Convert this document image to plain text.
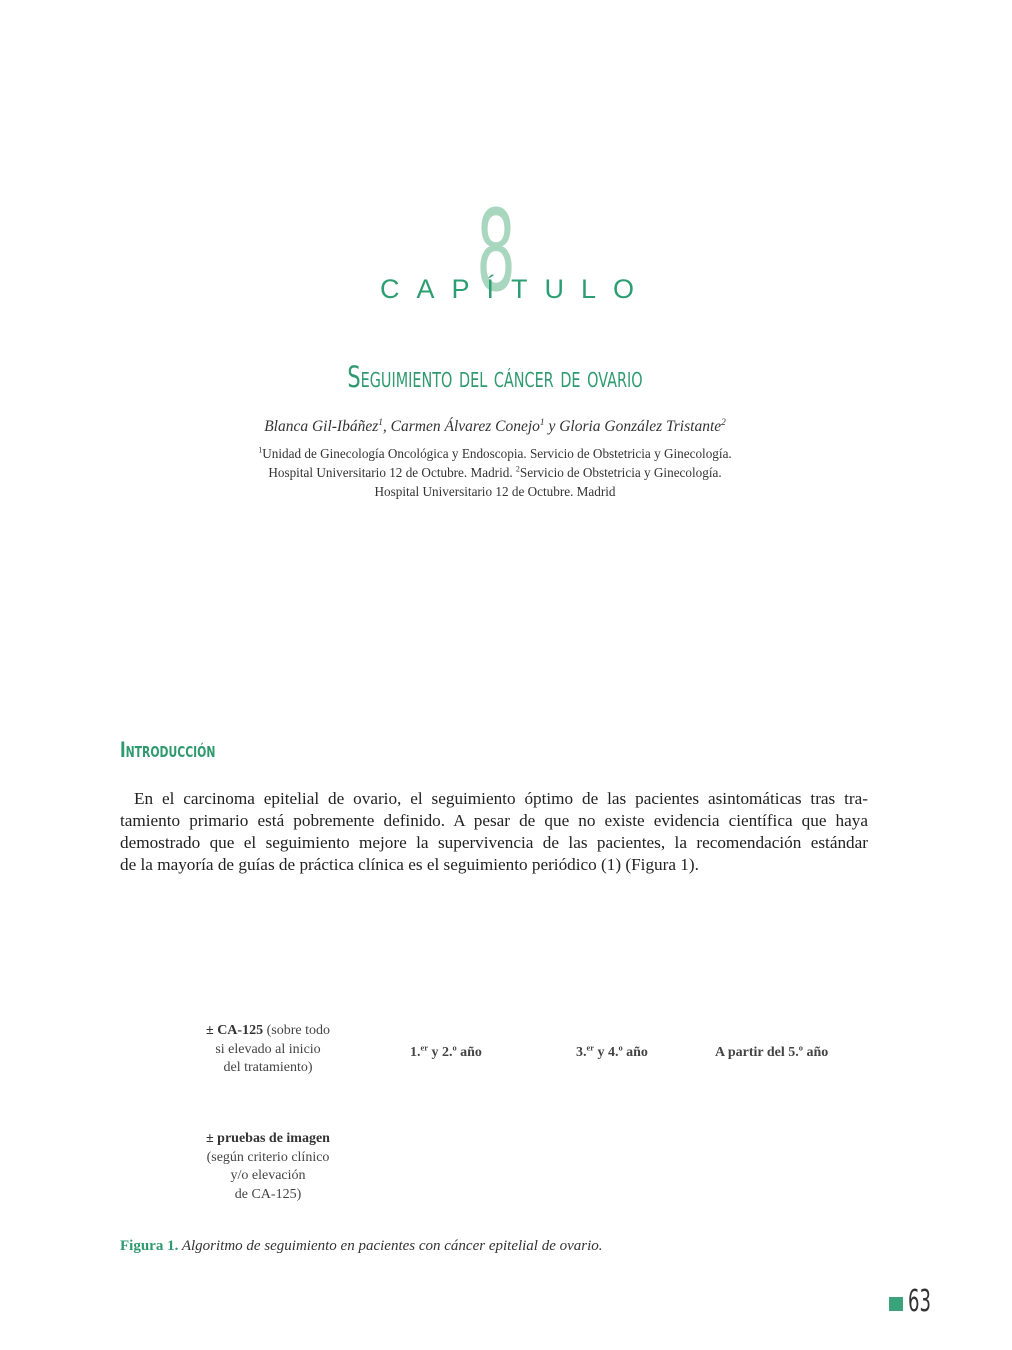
8
CAPÍTULO
Seguimiento del cáncer de ovario
Blanca Gil-Ibáñez$^1$, Carmen Álvarez Conejo$^1$ y Gloria González Tristante$^2$
$^1$Unidad de Ginecología Oncológica y Endoscopia. Servicio de Obstetricia y Ginecología.
Hospital Universitario 12 de Octubre. Madrid. $^2$Servicio de Obstetricia y Ginecología.
Hospital Universitario 12 de Octubre. Madrid
Introducción
En el carcinoma epitelial de ovario, el seguimiento óptimo de las pacientes asintomáticas tras tra-
tamiento primario está pobremente definido. A pesar de que no existe evidencia científica que haya
demostrado que el seguimiento mejore la supervivencia de las pacientes, la recomendación estándar
de la mayoría de guías de práctica clínica es el seguimiento periódico (1) (Figura 1).
± CA-125 (sobre todo
si elevado al inicio
del tratamiento)
1.$^{er}$ y 2.$^o$ año	3.$^{er}$ y 4.$^o$ año	A partir del 5.$^o$ año
± pruebas de imagen
(según criterio clínico
y/o elevación
de CA-125)
Figura 1. Algoritmo de seguimiento en pacientes con cáncer epitelial de ovario.
63
